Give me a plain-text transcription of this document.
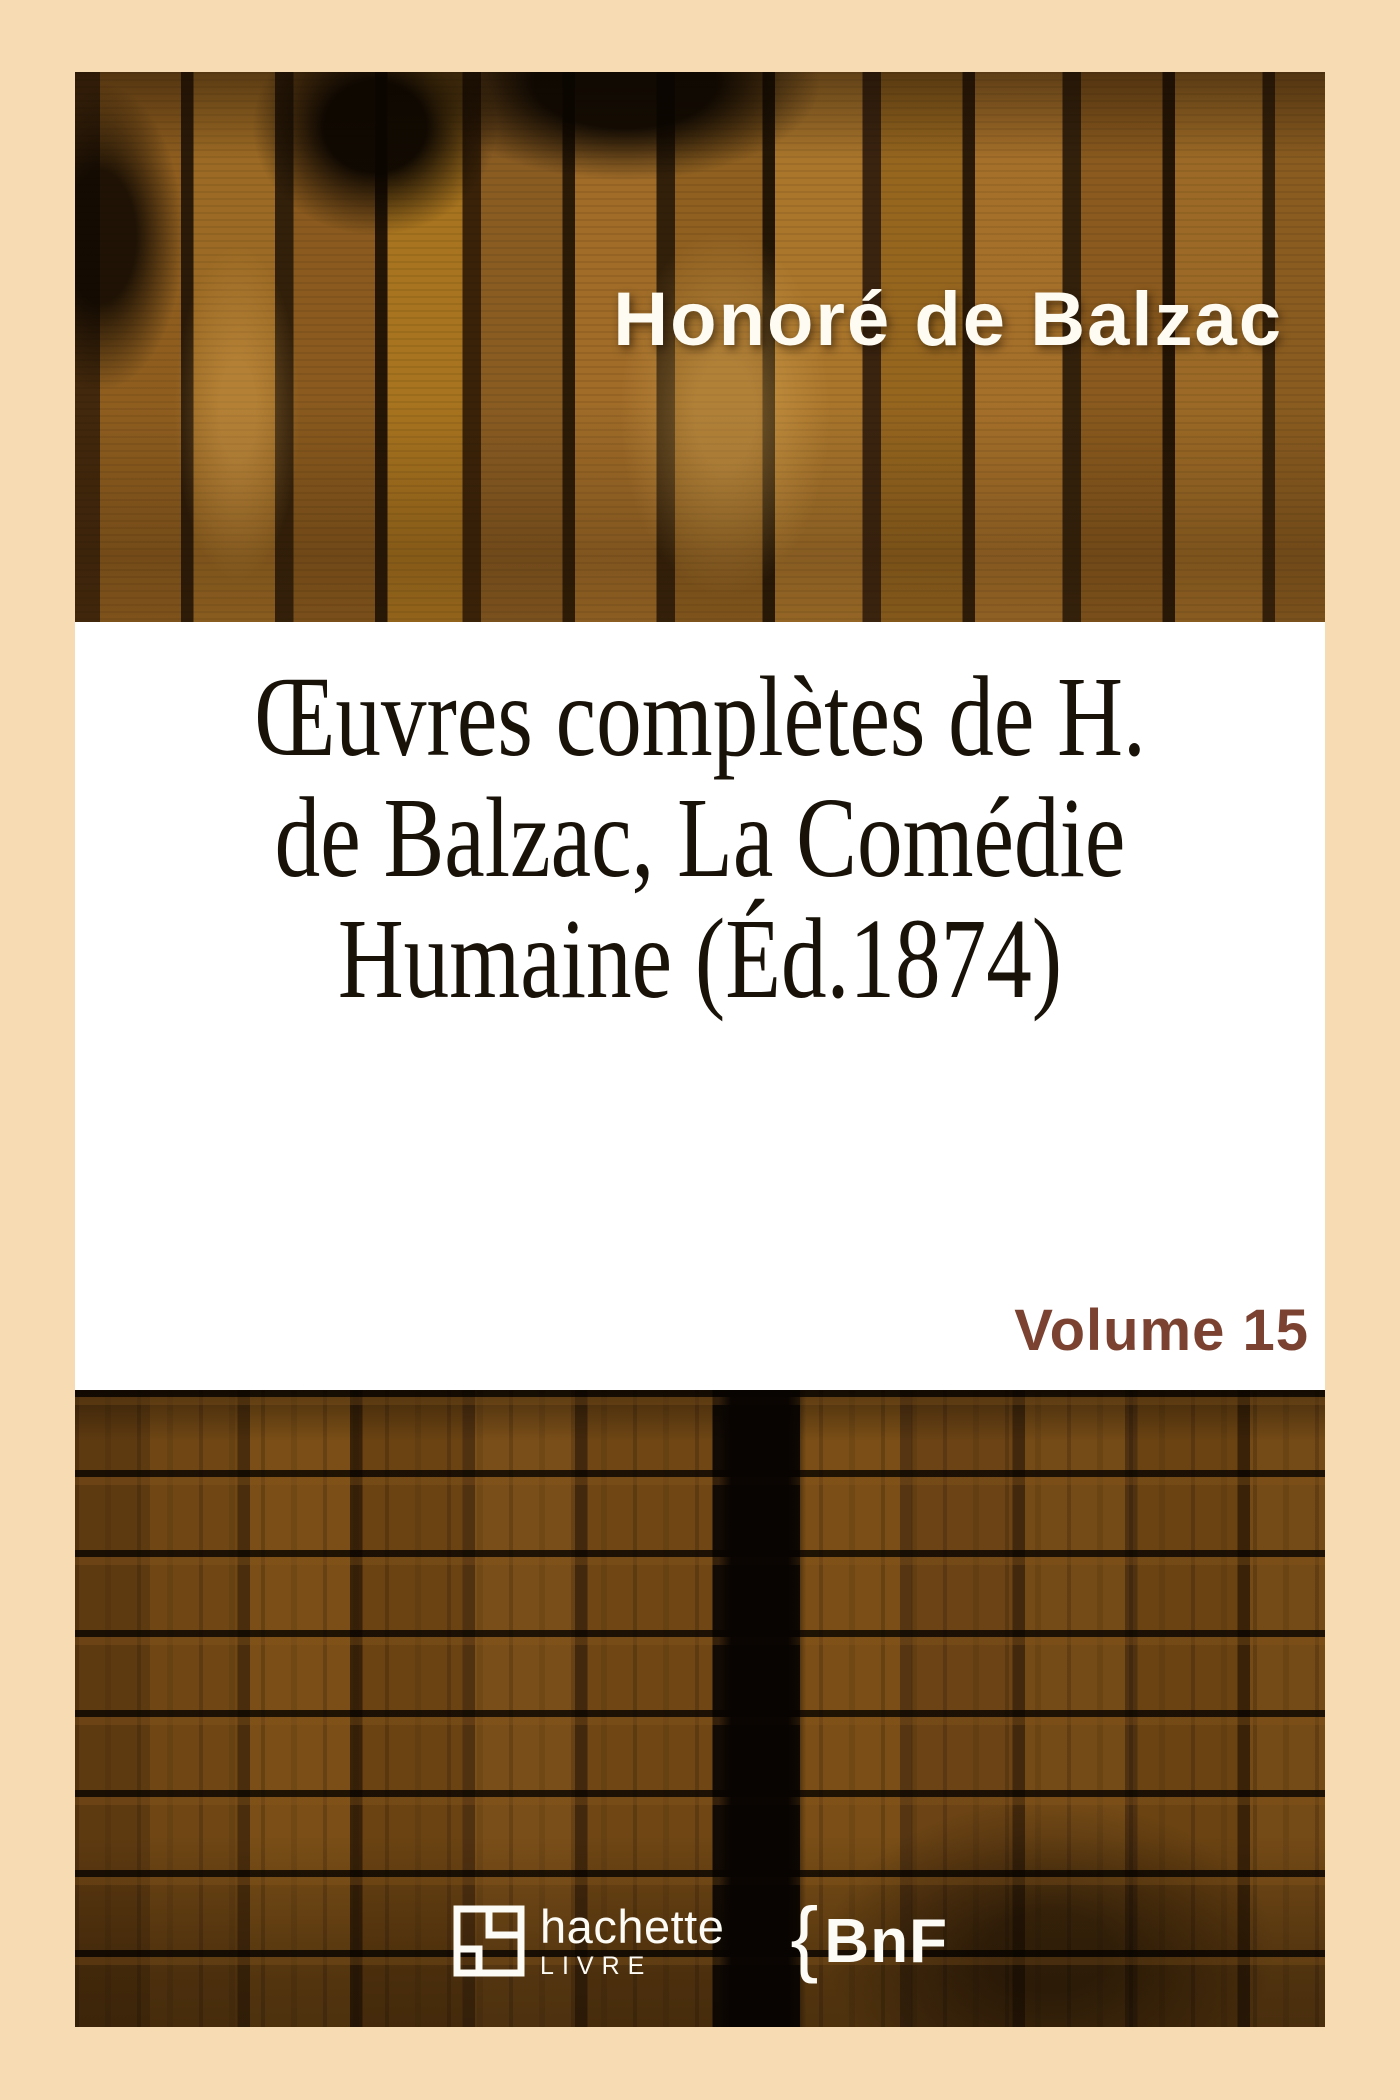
Honoré de Balzac
Œuvres complètes de H.
de Balzac, La Comédie
Humaine (Éd.1874)
Volume 15
hachette
LIVRE	{ BnF
